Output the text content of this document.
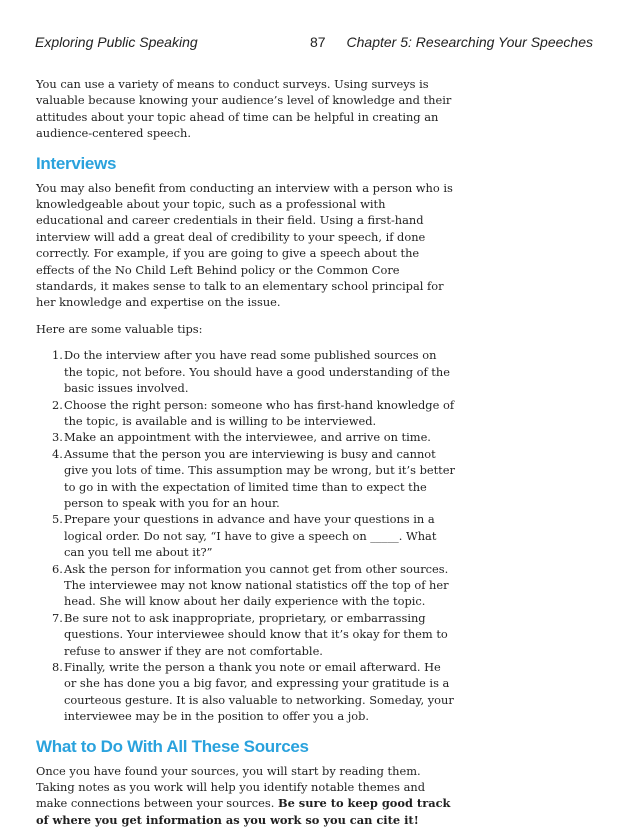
Exploring Public Speaking	87 Chapter 5: Researching Your Speeches

You can use a variety of means to conduct surveys. Using surveys is valuable because knowing your audience’s level of knowledge and their attitudes about your topic ahead of time can be helpful in creating an audience-centered speech.

Interviews

You may also benefit from conducting an interview with a person who is knowledgeable about your topic, such as a professional with educational and career credentials in their field. Using a first-hand interview will add a great deal of credibility to your speech, if done correctly. For example, if you are going to give a speech about the effects of the No Child Left Behind policy or the Common Core standards, it makes sense to talk to an elementary school principal for her knowledge and expertise on the issue.

Here are some valuable tips:

1. Do the interview after you have read some published sources on the topic, not before. You should have a good understanding of the basic issues involved.
2. Choose the right person: someone who has first-hand knowledge of the topic, is available and is willing to be interviewed.
3. Make an appointment with the interviewee, and arrive on time.
4. Assume that the person you are interviewing is busy and cannot give you lots of time. This assumption may be wrong, but it’s better to go in with the expectation of limited time than to expect the person to speak with you for an hour.
5. Prepare your questions in advance and have your questions in a logical order. Do not say, “I have to give a speech on _____. What can you tell me about it?”
6. Ask the person for information you cannot get from other sources. The interviewee may not know national statistics off the top of her head. She will know about her daily experience with the topic.
7. Be sure not to ask inappropriate, proprietary, or embarrassing questions. Your interviewee should know that it’s okay for them to refuse to answer if they are not comfortable.
8. Finally, write the person a thank you note or email afterward. He or she has done you a big favor, and expressing your gratitude is a courteous gesture. It is also valuable to networking. Someday, your interviewee may be in the position to offer you a job.
What to Do With All These Sources

Once you have found your sources, you will start by reading them. Taking notes as you work will help you identify notable themes and make connections between your sources. Be sure to keep good track of where you get information as you work so you can cite it!
